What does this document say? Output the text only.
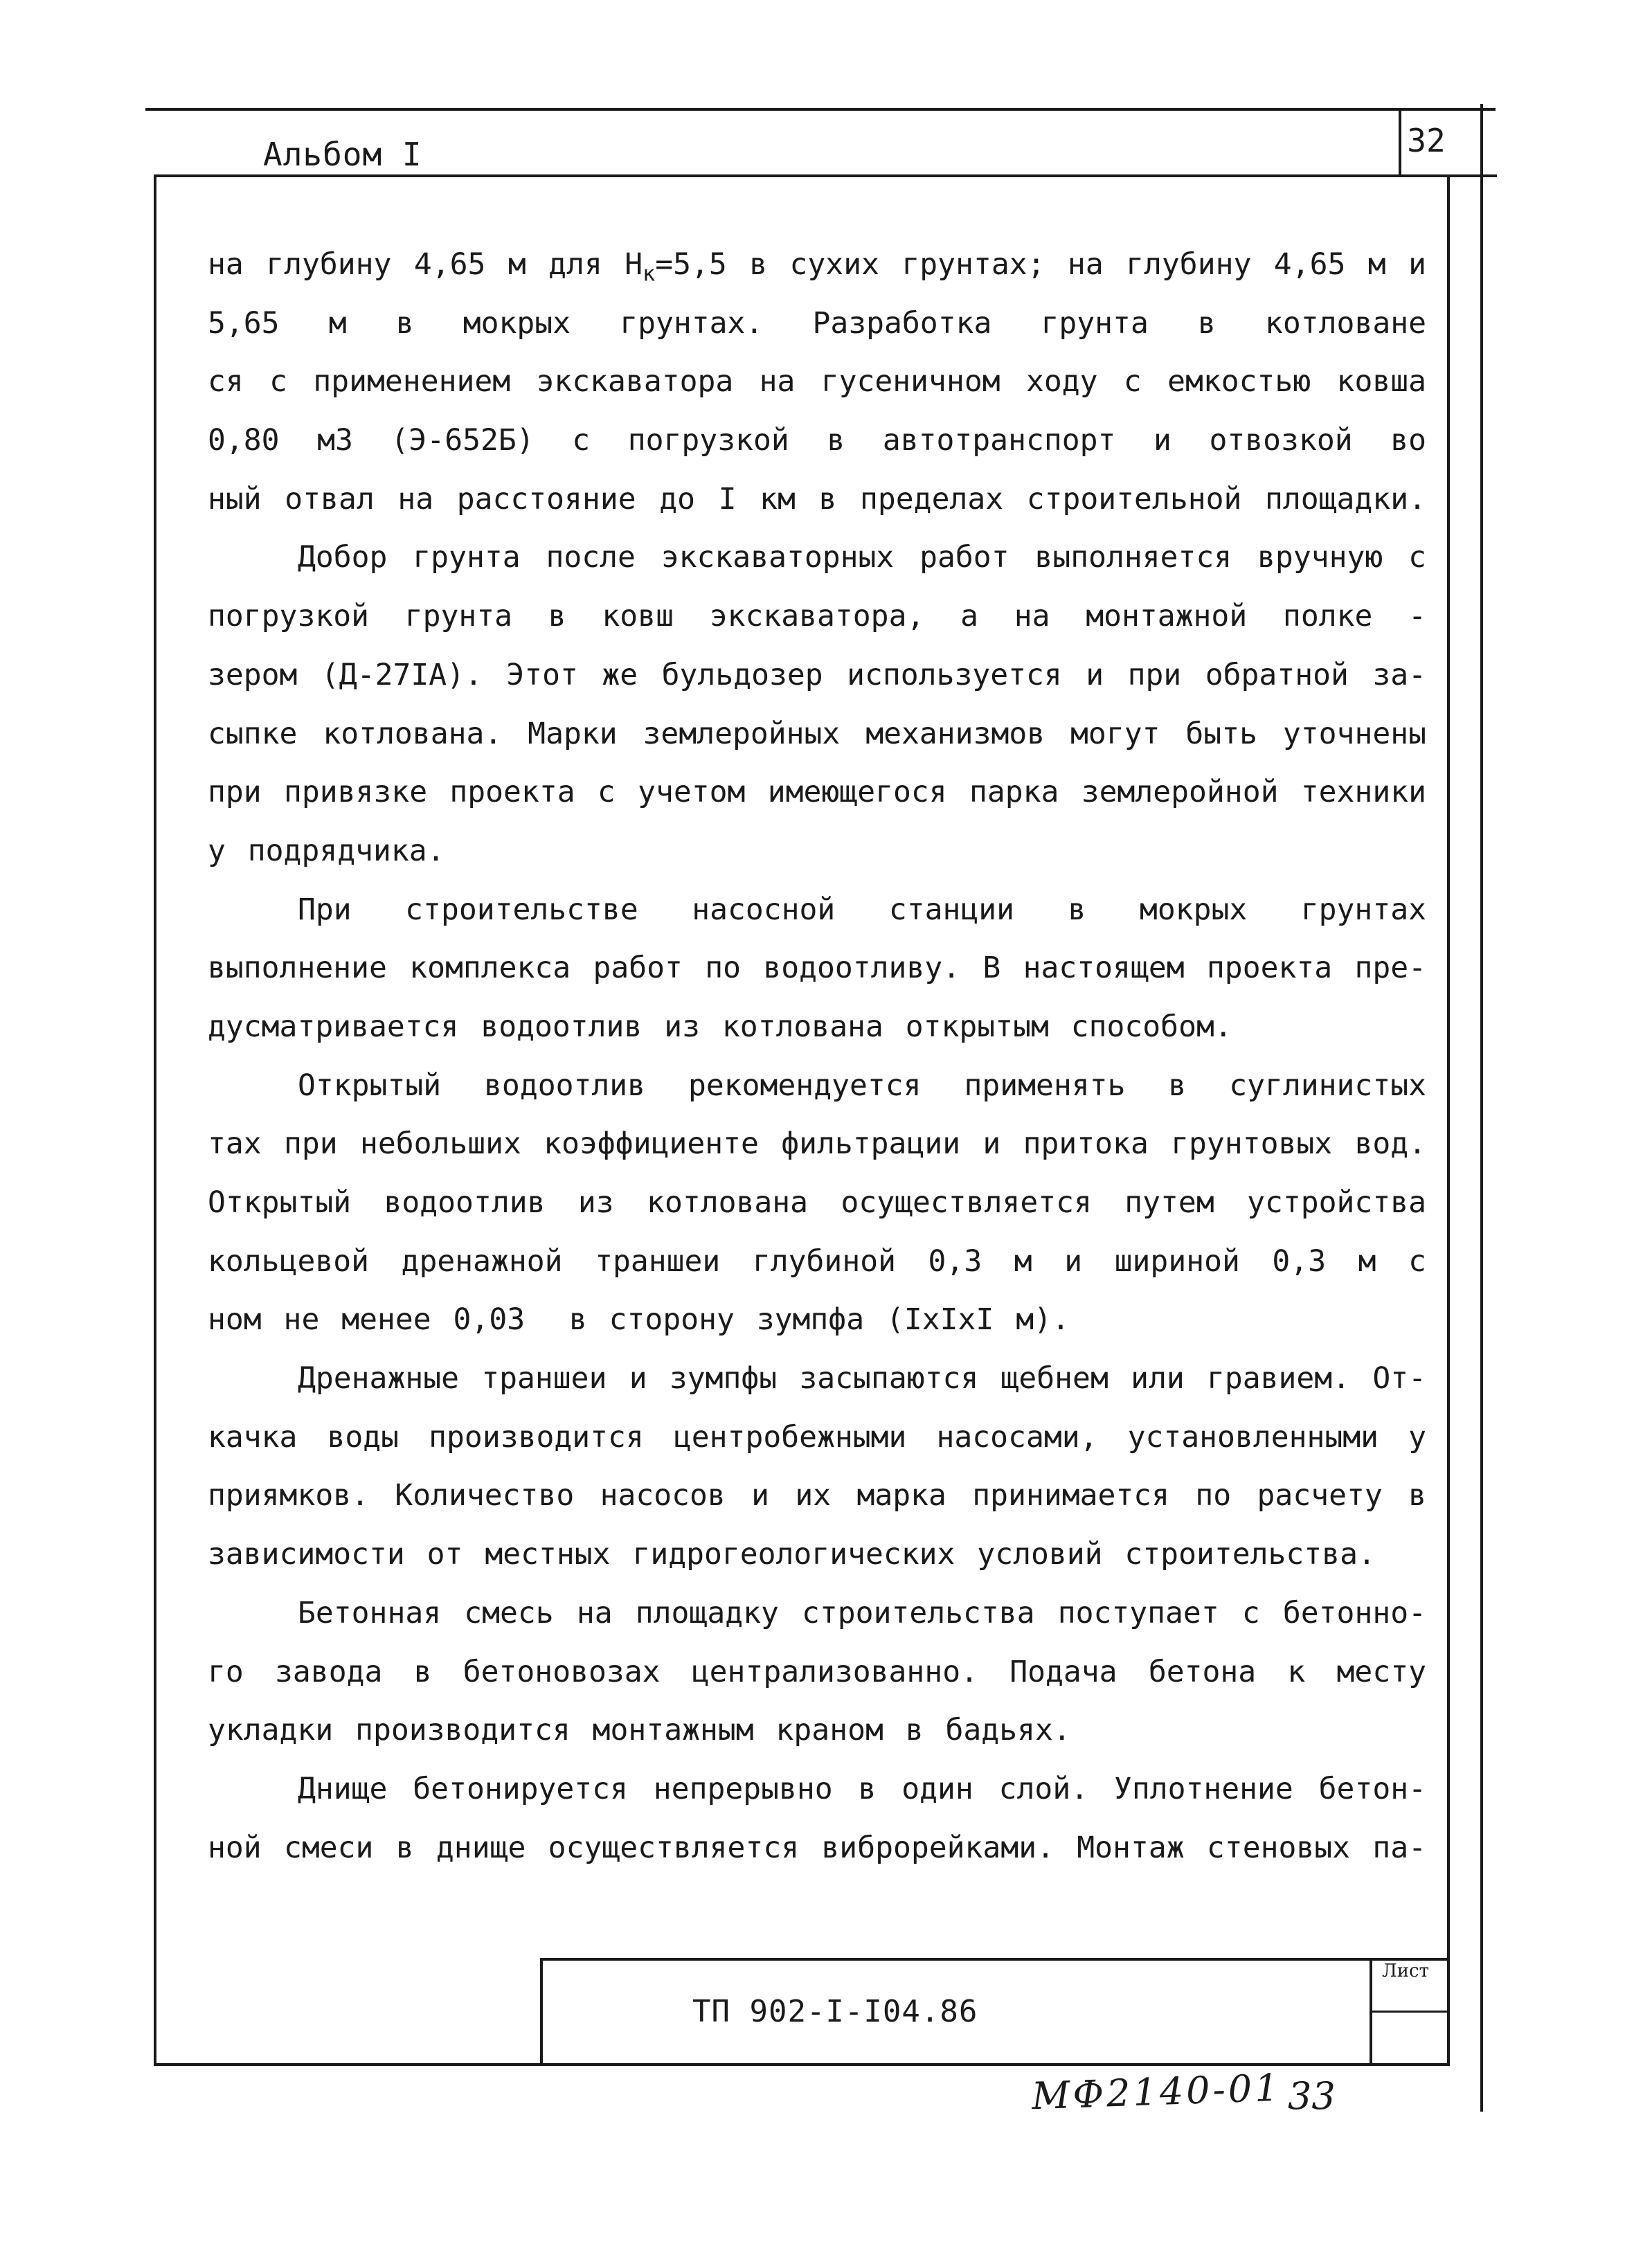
32
Альбом I
на глубину 4,65 м для $Н_к=5,5$ в сухих грунтах; на глубину 4,65 м и
5,65 м в мокрых грунтах. Разработка грунта в котловане
ся с применением экскаватора на гусеничном ходу с емкостью ковша
0,80 м3 (Э-652Б) с погрузкой в автотранспорт и отвозкой во
ный отвал на расстояние до I км в пределах строительной площадки.
Добор грунта после экскаваторных работ выполняется вручную с
погрузкой грунта в ковш экскаватора, а на монтажной полке -
зером (Д-27IА). Этот же бульдозер используется и при обратной за-
сыпке котлована. Марки землеройных механизмов могут быть уточнены
при привязке проекта с учетом имеющегося парка землеройной техники
у подрядчика.
При строительстве насосной станции в мокрых грунтах
выполнение комплекса работ по водоотливу. В настоящем проекта пре-
дусматривается водоотлив из котлована открытым способом.
Открытый водоотлив рекомендуется применять в суглинистых
тах при небольших коэффициенте фильтрации и притока грунтовых вод.
Открытый водоотлив из котлована осуществляется путем устройства
кольцевой дренажной траншеи глубиной 0,3 м и шириной 0,3 м с
ном не менее 0,03  в сторону зумпфа (IхIхI м).
Дренажные траншеи и зумпфы засыпаются щебнем или гравием. От-
качка воды производится центробежными насосами, установленными у
приямков. Количество насосов и их марка принимается по расчету в
зависимости от местных гидрогеологических условий строительства.
Бетонная смесь на площадку строительства поступает с бетонно-
го завода в бетоновозах централизованно. Подача бетона к месту
укладки производится монтажным краном в бадьях.
Днище бетонируется непрерывно в один слой. Уплотнение бетон-
ной смеси в днище осуществляется виброрейками. Монтаж стеновых па-
ТП 902-I-I04.86
Лист
МФ2140-01 33
